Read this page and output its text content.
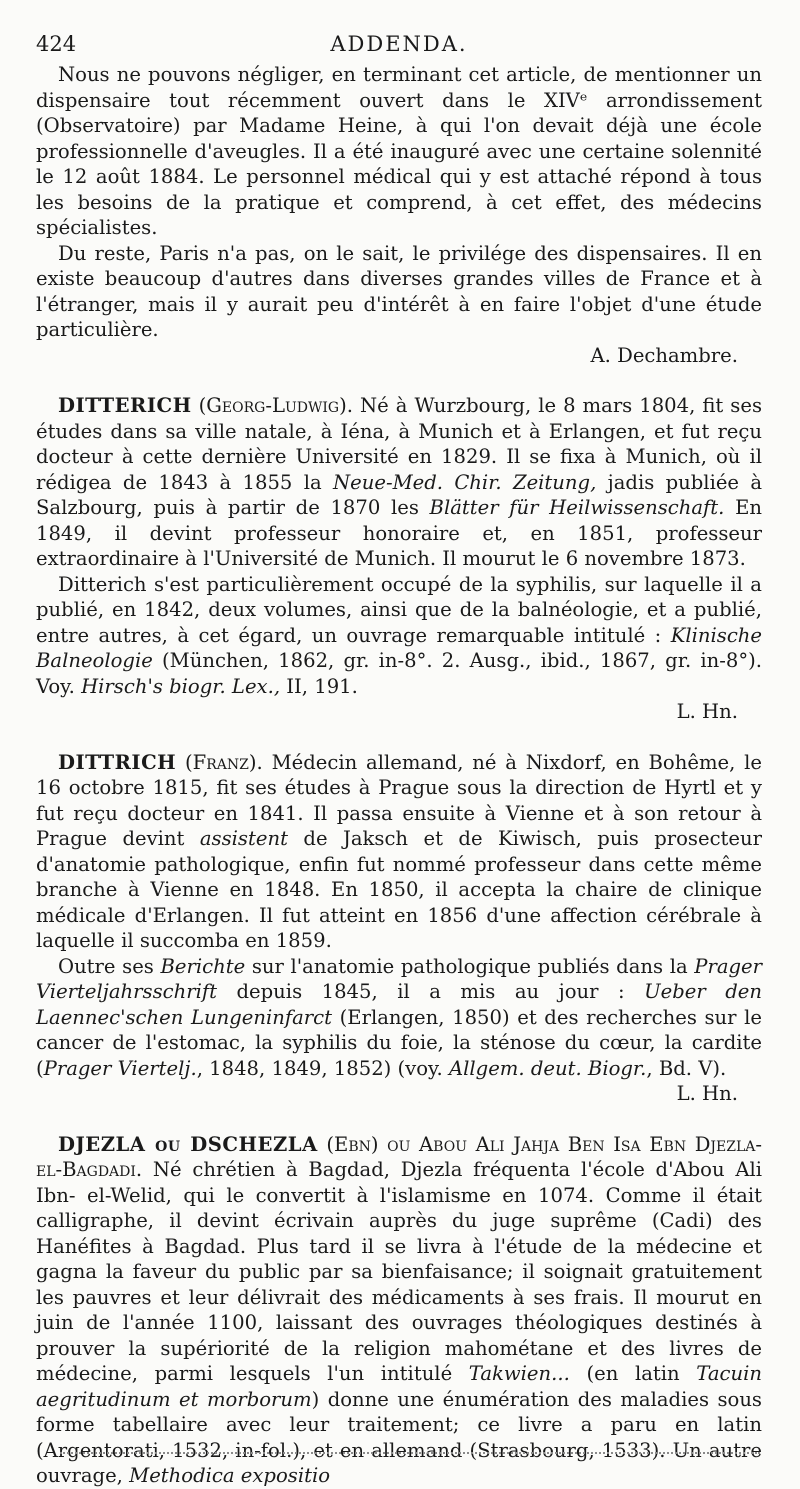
424	ADDENDA.

Nous ne pouvons négliger, en terminant cet article, de mentionner un dispensaire tout récemment ouvert dans le XIVᵉ arrondissement (Observatoire) par Madame Heine, à qui l'on devait déjà une école professionnelle d'aveugles. Il a été inauguré avec une certaine solennité le 12 août 1884. Le personnel médical qui y est attaché répond à tous les besoins de la pratique et comprend, à cet effet, des médecins spécialistes.

Du reste, Paris n'a pas, on le sait, le privilége des dispensaires. Il en existe beaucoup d'autres dans diverses grandes villes de France et à l'étranger, mais il y aurait peu d'intérêt à en faire l'objet d'une étude particulière.

A. Dechambre.

DITTERICH (Georg-Ludwig). Né à Wurzbourg, le 8 mars 1804, fit ses études dans sa ville natale, à Iéna, à Munich et à Erlangen, et fut reçu docteur à cette dernière Université en 1829. Il se fixa à Munich, où il rédigea de 1843 à 1855 la Neue-Med. Chir. Zeitung, jadis publiée à Salzbourg, puis à partir de 1870 les Blätter für Heilwissenschaft. En 1849, il devint professeur honoraire et, en 1851, professeur extraordinaire à l'Université de Munich. Il mourut le 6 novembre 1873.

Ditterich s'est particulièrement occupé de la syphilis, sur laquelle il a publié, en 1842, deux volumes, ainsi que de la balnéologie, et a publié, entre autres, à cet égard, un ouvrage remarquable intitulé : Klinische Balneologie (München, 1862, gr. in-8°. 2. Ausg., ibid., 1867, gr. in-8°). Voy. Hirsch's biogr. Lex., II, 191.

L. Hn.

DITTRICH (Franz). Médecin allemand, né à Nixdorf, en Bohême, le 16 octobre 1815, fit ses études à Prague sous la direction de Hyrtl et y fut reçu docteur en 1841. Il passa ensuite à Vienne et à son retour à Prague devint assistent de Jaksch et de Kiwisch, puis prosecteur d'anatomie pathologique, enfin fut nommé professeur dans cette même branche à Vienne en 1848. En 1850, il accepta la chaire de clinique médicale d'Erlangen. Il fut atteint en 1856 d'une affection cérébrale à laquelle il succomba en 1859.

Outre ses Berichte sur l'anatomie pathologique publiés dans la Prager Vierteljahrsschrift depuis 1845, il a mis au jour : Ueber den Laennec'schen Lungeninfarct (Erlangen, 1850) et des recherches sur le cancer de l'estomac, la syphilis du foie, la sténose du cœur, la cardite (Prager Viertelj., 1848, 1849, 1852) (voy. Allgem. deut. Biogr., Bd. V).

L. Hn.

DJEZLA ou DSCHEZLA (Ebn) ou Abou Ali Jahja Ben Isa Ebn Djezla- el-Bagdadi. Né chrétien à Bagdad, Djezla fréquenta l'école d'Abou Ali Ibn- el-Welid, qui le convertit à l'islamisme en 1074. Comme il était calligraphe, il devint écrivain auprès du juge suprême (Cadi) des Hanéfites à Bagdad. Plus tard il se livra à l'étude de la médecine et gagna la faveur du public par sa bienfaisance; il soignait gratuitement les pauvres et leur délivrait des médicaments à ses frais. Il mourut en juin de l'année 1100, laissant des ouvrages théologiques destinés à prouver la supériorité de la religion mahométane et des livres de médecine, parmi lesquels l'un intitulé Takwien... (en latin Tacuin aegritudinum et morborum) donne une énumération des maladies sous forme tabellaire avec leur traitement; ce livre a paru en latin (Argentorati, 1532, in-fol.), et en allemand (Strasbourg, 1533). Un autre ouvrage, Methodica expositio
